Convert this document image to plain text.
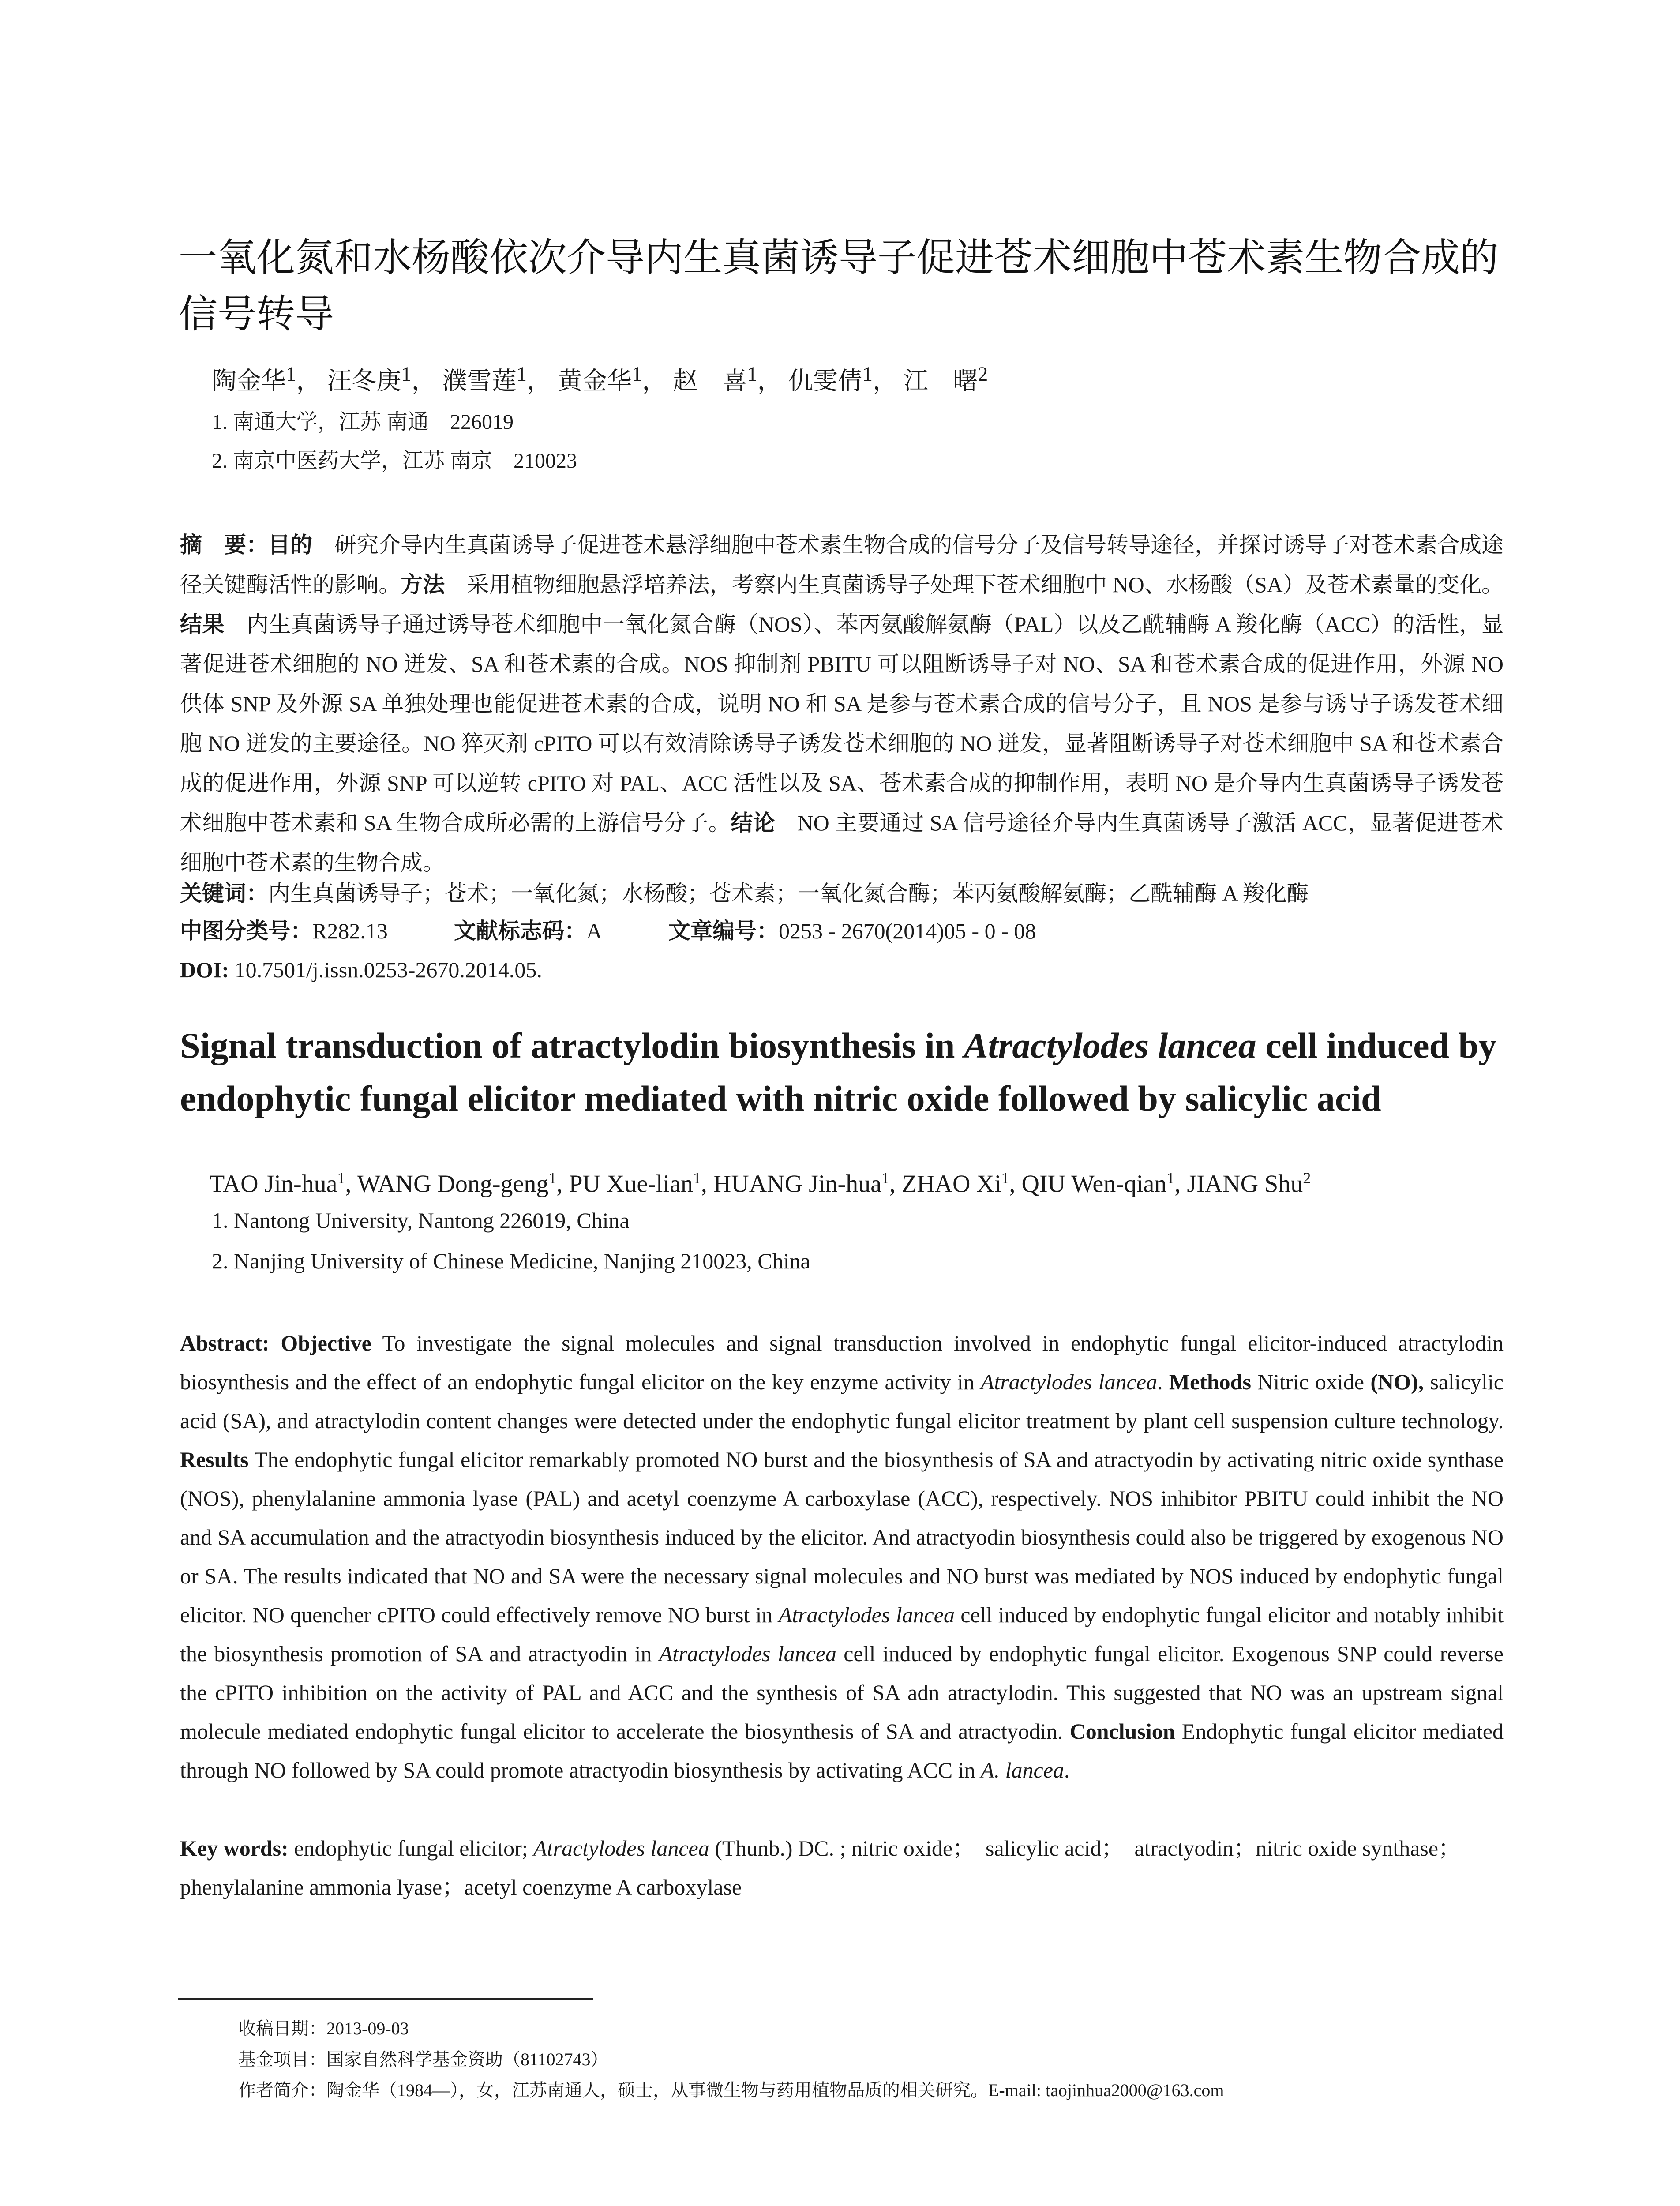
一氧化氮和水杨酸依次介导内生真菌诱导子促进苍术细胞中苍术素生物合成的信号转导
陶金华$^1$， 汪冬庚$^1$， 濮雪莲$^1$， 黄金华$^1$， 赵　喜$^1$， 仇雯倩$^1$， 江　曙$^2$
1. 南通大学，江苏 南通　226019
2. 南京中医药大学，江苏 南京　210023
摘　要：目的　研究介导内生真菌诱导子促进苍术悬浮细胞中苍术素生物合成的信号分子及信号转导途径，并探讨诱导子对苍术素合成途径关键酶活性的影响。方法　采用植物细胞悬浮培养法，考察内生真菌诱导子处理下苍术细胞中 NO、水杨酸（SA）及苍术素量的变化。结果　内生真菌诱导子通过诱导苍术细胞中一氧化氮合酶（NOS）、苯丙氨酸解氨酶（PAL）以及乙酰辅酶 A 羧化酶（ACC）的活性，显著促进苍术细胞的 NO 迸发、SA 和苍术素的合成。NOS 抑制剂 PBITU 可以阻断诱导子对 NO、SA 和苍术素合成的促进作用，外源 NO 供体 SNP 及外源 SA 单独处理也能促进苍术素的合成，说明 NO 和 SA 是参与苍术素合成的信号分子，且 NOS 是参与诱导子诱发苍术细胞 NO 迸发的主要途径。NO 猝灭剂 cPITO 可以有效清除诱导子诱发苍术细胞的 NO 迸发，显著阻断诱导子对苍术细胞中 SA 和苍术素合成的促进作用，外源 SNP 可以逆转 cPITO 对 PAL、ACC 活性以及 SA、苍术素合成的抑制作用，表明 NO 是介导内生真菌诱导子诱发苍术细胞中苍术素和 SA 生物合成所必需的上游信号分子。结论　NO 主要通过 SA 信号途径介导内生真菌诱导子激活 ACC，显著促进苍术细胞中苍术素的生物合成。
关键词：内生真菌诱导子；苍术；一氧化氮；水杨酸；苍术素；一氧化氮合酶；苯丙氨酸解氨酶；乙酰辅酶 A 羧化酶
中图分类号：R282.13	文献标志码：A	文章编号：0253 - 2670(2014)05 - 0 - 08
DOI: 10.7501/j.issn.0253-2670.2014.05.
Signal transduction of atractylodin biosynthesis in Atractylodes lancea cell induced by endophytic fungal elicitor mediated with nitric oxide followed by salicylic acid
TAO Jin-hua$^1$, WANG Dong-geng$^1$, PU Xue-lian$^1$, HUANG Jin-hua$^1$, ZHAO Xi$^1$, QIU Wen-qian$^1$, JIANG Shu$^2$
1. Nantong University, Nantong 226019, China
2. Nanjing University of Chinese Medicine, Nanjing 210023, China
Abstract: Objective To investigate the signal molecules and signal transduction involved in endophytic fungal elicitor-induced atractylodin biosynthesis and the effect of an endophytic fungal elicitor on the key enzyme activity in Atractylodes lancea. Methods Nitric oxide (NO), salicylic acid (SA), and atractylodin content changes were detected under the endophytic fungal elicitor treatment by plant cell suspension culture technology. Results The endophytic fungal elicitor remarkably promoted NO burst and the biosynthesis of SA and atractyodin by activating nitric oxide synthase (NOS), phenylalanine ammonia lyase (PAL) and acetyl coenzyme A carboxylase (ACC), respectively. NOS inhibitor PBITU could inhibit the NO and SA accumulation and the atractyodin biosynthesis induced by the elicitor. And atractyodin biosynthesis could also be triggered by exogenous NO or SA. The results indicated that NO and SA were the necessary signal molecules and NO burst was mediated by NOS induced by endophytic fungal elicitor. NO quencher cPITO could effectively remove NO burst in Atractylodes lancea cell induced by endophytic fungal elicitor and notably inhibit the biosynthesis promotion of SA and atractyodin in Atractylodes lancea cell induced by endophytic fungal elicitor. Exogenous SNP could reverse the cPITO inhibition on the activity of PAL and ACC and the synthesis of SA adn atractylodin. This suggested that NO was an upstream signal molecule mediated endophytic fungal elicitor to accelerate the biosynthesis of SA and atractyodin. Conclusion Endophytic fungal elicitor mediated through NO followed by SA could promote atractyodin biosynthesis by activating ACC in A. lancea.
Key words: endophytic fungal elicitor; Atractylodes lancea (Thunb.) DC. ; nitric oxide；　salicylic acid；　atractyodin；nitric oxide synthase；　phenylalanine ammonia lyase；acetyl coenzyme A carboxylase
收稿日期：2013-09-03
基金项目：国家自然科学基金资助（81102743）
作者简介：陶金华（1984—），女，江苏南通人，硕士，从事微生物与药用植物品质的相关研究。E-mail: taojinhua2000@163.com
